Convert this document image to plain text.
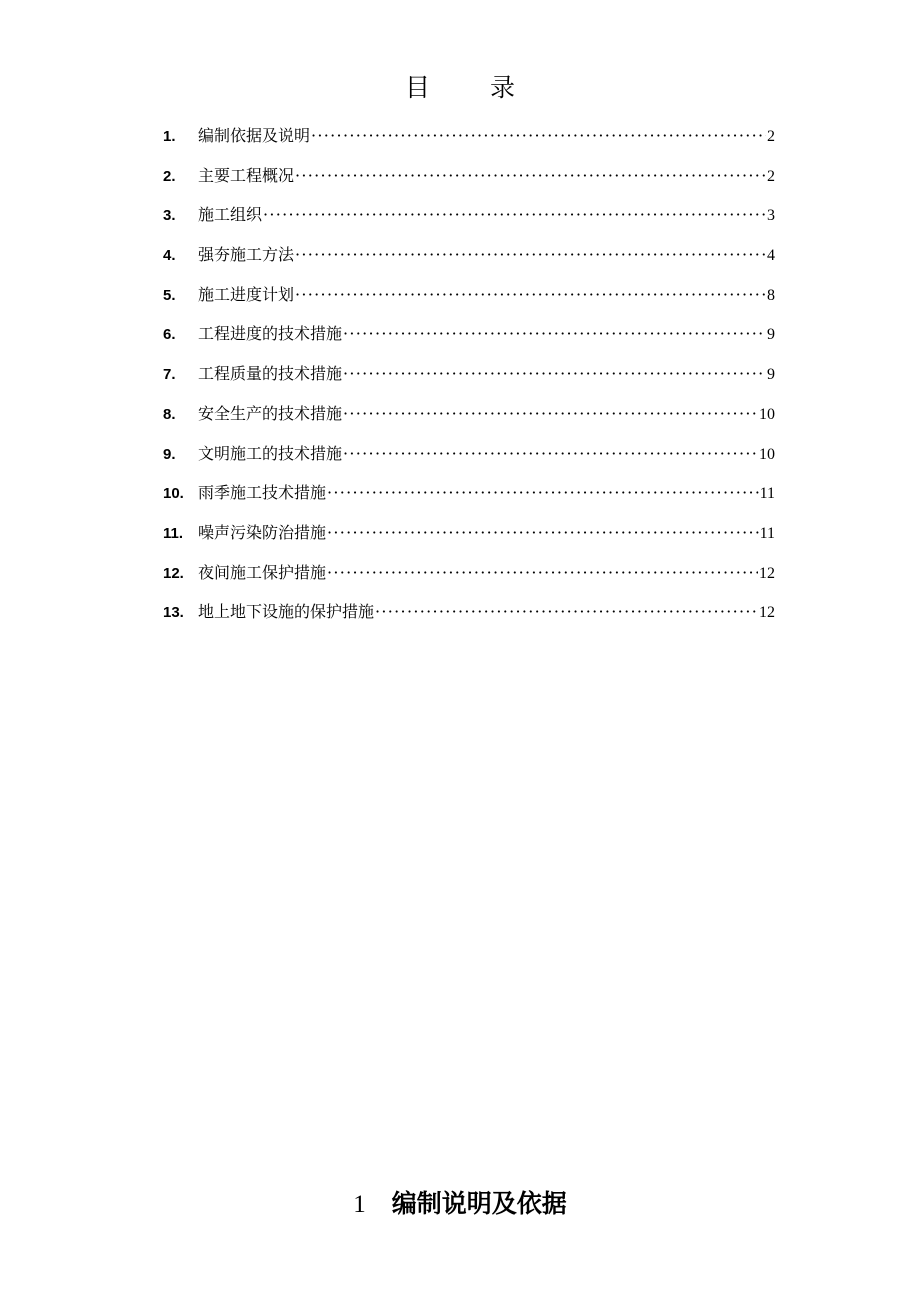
目 录
1.	编制依据及说明 ·····	2
2.	主要工程概况 ·····	2
3.	施工组织 ·····	3
4.	强夯施工方法 ·····	4
5.	施工进度计划 ·····	8
6.	工程进度的技术措施 ·····	9
7.	工程质量的技术措施 ·····	9
8.	安全生产的技术措施 ·····	10
9.	文明施工的技术措施 ·····	10
10. 雨季施工技术措施 ·····	11
11. 噪声污染防治措施 ·····	11
12. 夜间施工保护措施 ·····	12
13. 地上地下设施的保护措施 ·····	12
1 编制说明及依据
